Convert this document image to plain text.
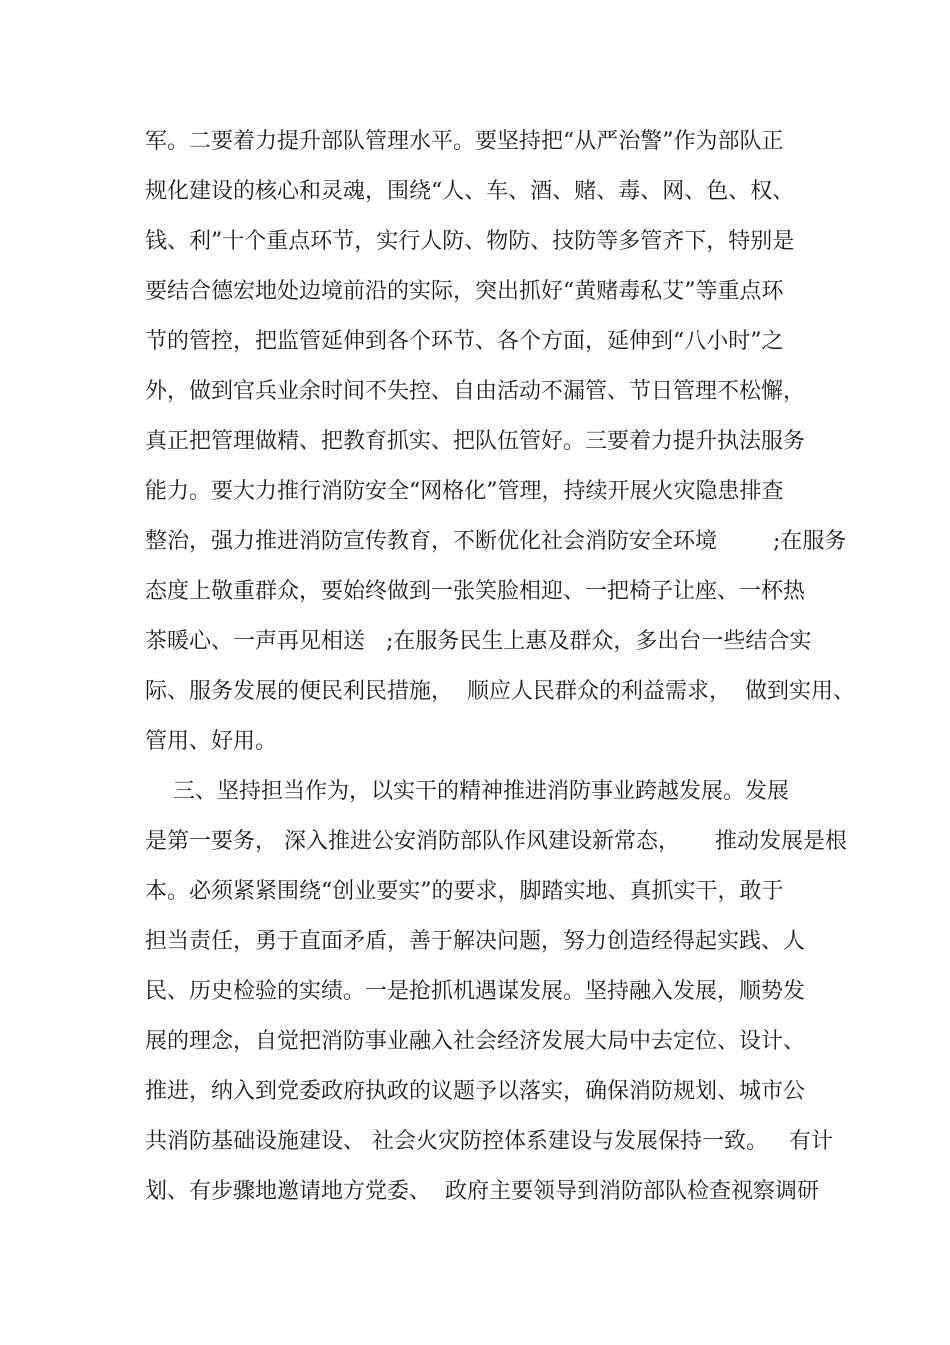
军。二要着力提升部队管理水平。要坚持把“从严治警”作为部队正

规化建设的核心和灵魂，围绕“人、车、酒、赌、毒、网、色、权、

钱、利”十个重点环节，实行人防、物防、技防等多管齐下，特别是

要结合德宏地处边境前沿的实际，突出抓好“黄赌毒私艾”等重点环

节的管控，把监管延伸到各个环节、各个方面，延伸到“八小时”之

外，做到官兵业余时间不失控、自由活动不漏管、节日管理不松懈，

真正把管理做精、把教育抓实、把队伍管好。三要着力提升执法服务

能力。要大力推行消防安全“网格化”管理，持续开展火灾隐患排查

整治，强力推进消防宣传教育，不断优化社会消防安全环境        ;在服务

态度上敬重群众，要始终做到一张笑脸相迎、一把椅子让座、一杯热

茶暖心、一声再见相送   ;在服务民生上惠及群众，多出台一些结合实

际、服务发展的便民利民措施，  顺应人民群众的利益需求，  做到实用、

管用、好用。

三、坚持担当作为，以实干的精神推进消防事业跨越发展。发展

是第一要务， 深入推进公安消防部队作风建设新常态，     推动发展是根

本。必须紧紧围绕“创业要实”的要求，脚踏实地、真抓实干，敢于

担当责任，勇于直面矛盾，善于解决问题，努力创造经得起实践、人

民、历史检验的实绩。一是抢抓机遇谋发展。坚持融入发展，顺势发

展的理念，自觉把消防事业融入社会经济发展大局中去定位、设计、

推进，纳入到党委政府执政的议题予以落实，确保消防规划、城市公

共消防基础设施建设、 社会火灾防控体系建设与发展保持一致。   有计

划、有步骤地邀请地方党委、  政府主要领导到消防部队检查视察调研
